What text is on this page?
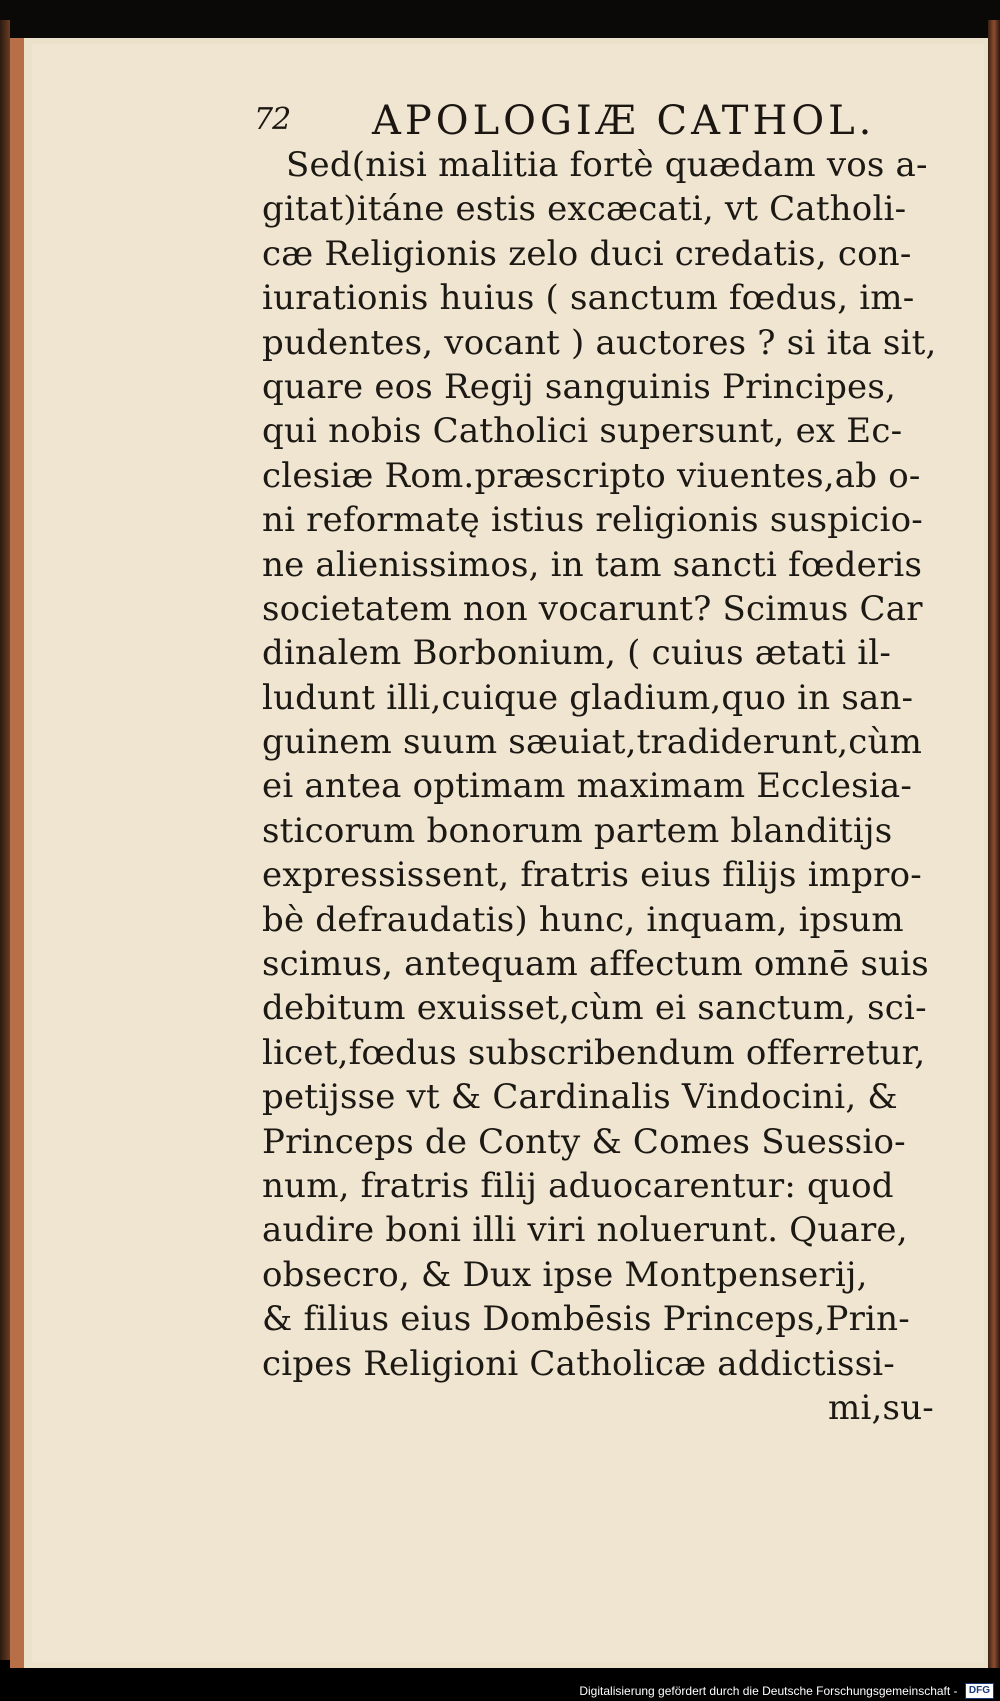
72 APOLOGIÆ CATHOL.
Sed(nisi malitia fortè quædam vos a-
gitat)itáne estis excæcati, vt Catholi-
cæ Religionis zelo duci credatis, con-
iurationis huius ( sanctum fœdus, im-
pudentes, vocant ) auctores ? si ita sit,
quare eos Regij sanguinis Principes,
qui nobis Catholici supersunt, ex Ec-
clesiæ Rom.præscripto viuentes,ab o-
ni reformatę istius religionis suspicio-
ne alienissimos, in tam sancti fœderis
societatem non vocarunt? Scimus Car
dinalem Borbonium, ( cuius ætati il-
ludunt illi,cuique gladium,quo in san-
guinem suum sæuiat,tradiderunt,cùm
ei antea optimam maximam Ecclesia-
sticorum bonorum partem blanditijs
expressissent, fratris eius filijs impro-
bè defraudatis) hunc, inquam, ipsum
scimus, antequam affectum omnē suis
debitum exuisset,cùm ei sanctum, sci-
licet,fœdus subscribendum offerretur,
petijsse vt & Cardinalis Vindocini, &
Princeps de Conty & Comes Suessio-
num, fratris filij aduocarentur: quod
audire boni illi viri noluerunt. Quare,
obsecro, & Dux ipse Montpenserij,
& filius eius Dombēsis Princeps,Prin-
cipes Religioni Catholicæ addictissi-
mi,su-
Digitalisierung gefördert durch die Deutsche Forschungsgemeinschaft - DFG
